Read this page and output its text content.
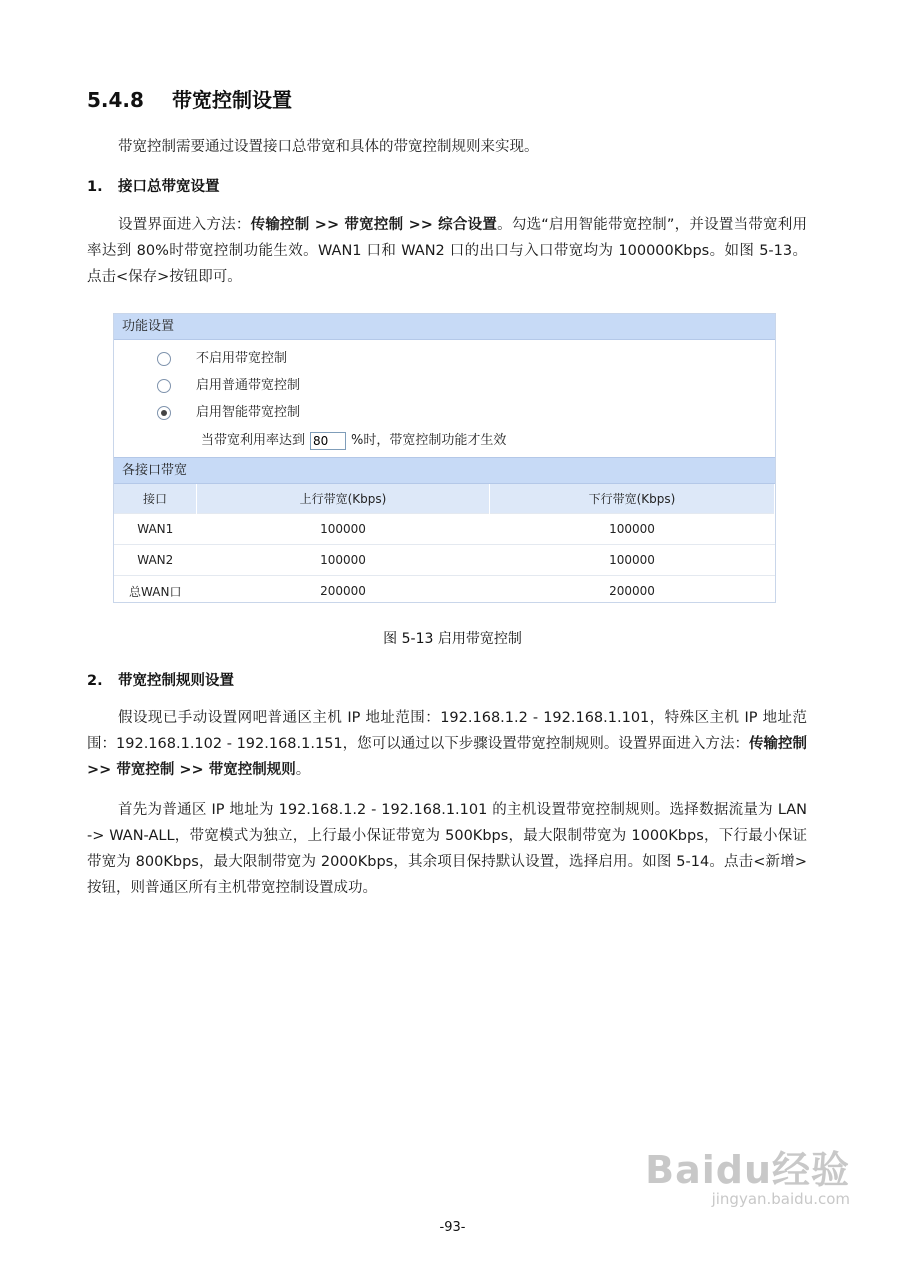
5.4.8 带宽控制设置
带宽控制需要通过设置接口总带宽和具体的带宽控制规则来实现。
1. 接口总带宽设置
设置界面进入方法：传输控制 >> 带宽控制 >> 综合设置。勾选“启用智能带宽控制”，并设置当带宽利用率达到 80%时带宽控制功能生效。WAN1 口和 WAN2 口的出口与入口带宽均为 100000Kbps。如图 5-13。点击<保存>按钮即可。
功能设置
不启用带宽控制
启用普通带宽控制
启用智能带宽控制
当带宽利用率达到80	%时，带宽控制功能才生效
各接口带宽
接口	上行带宽(Kbps)	下行带宽(Kbps)
WAN1	100000	100000
WAN2	100000	100000
总WAN口	200000	200000
图 5-13 启用带宽控制
2. 带宽控制规则设置
假设现已手动设置网吧普通区主机 IP 地址范围：192.168.1.2 - 192.168.1.101，特殊区主机 IP 地址范围：192.168.1.102 - 192.168.1.151，您可以通过以下步骤设置带宽控制规则。设置界面进入方法：传输控制 >> 带宽控制 >> 带宽控制规则。
首先为普通区 IP 地址为 192.168.1.2 - 192.168.1.101 的主机设置带宽控制规则。选择数据流量为 LAN -> WAN-ALL，带宽模式为独立，上行最小保证带宽为 500Kbps，最大限制带宽为 1000Kbps，下行最小保证带宽为 800Kbps，最大限制带宽为 2000Kbps，其余项目保持默认设置，选择启用。如图 5-14。点击<新增>按钮，则普通区所有主机带宽控制设置成功。
Baidu经验
jingyan.baidu.com
-93-
